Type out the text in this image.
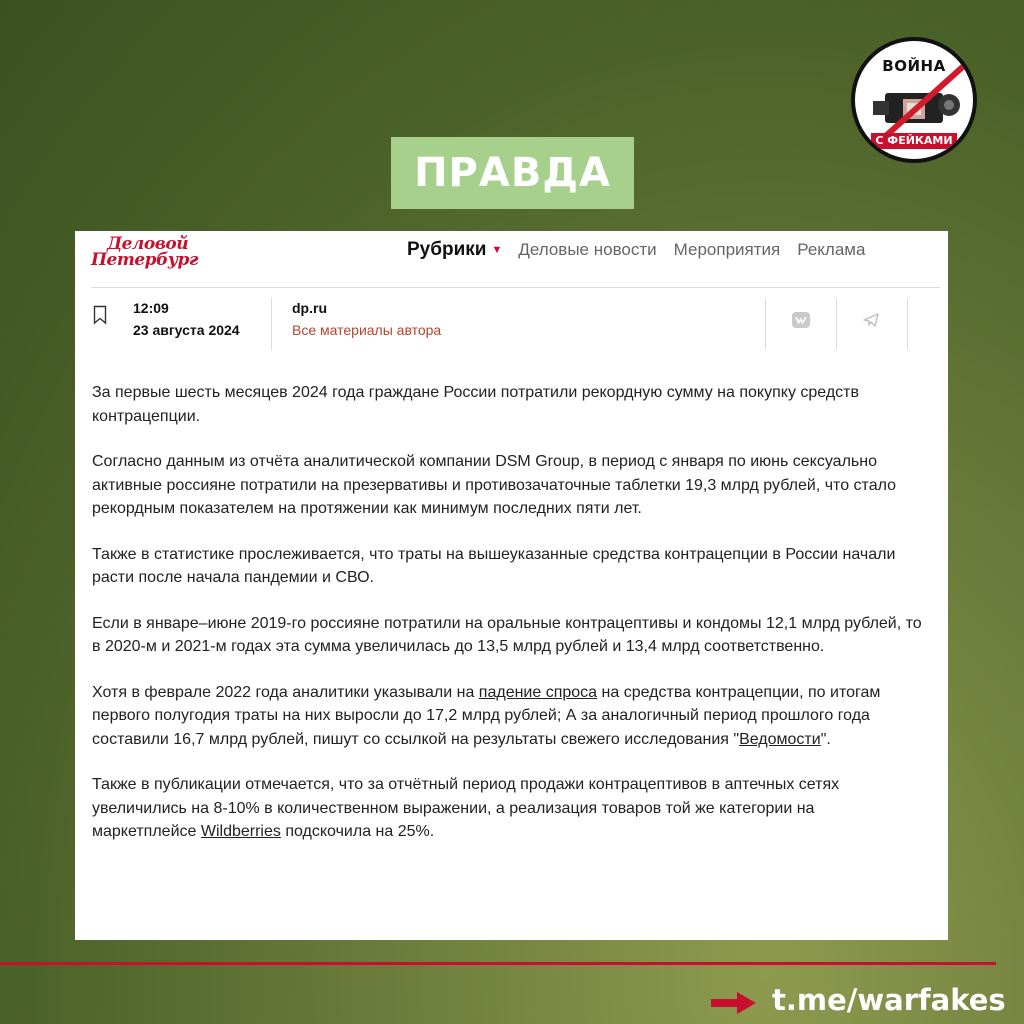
ВОЙНА
С ФЕЙКАМИ
ПРАВДА
Деловой
Петербург	Рубрики ▼ Деловые новости Мероприятия Реклама
12:09
23 августа 2024
dp.ru
Все материалы автора

За первые шесть месяцев 2024 года граждане России потратили рекордную сумму на покупку средств контрацепции.

Согласно данным из отчёта аналитической компании DSM Group, в период с января по июнь сексуально активные россияне потратили на презервативы и противозачаточные таблетки 19,3 млрд рублей, что стало рекордным показателем на протяжении как минимум последних пяти лет.

Также в статистике прослеживается, что траты на вышеуказанные средства контрацепции в России начали расти после начала пандемии и СВО.

Если в январе–июне 2019-го россияне потратили на оральные контрацептивы и кондомы 12,1 млрд рублей, то в 2020-м и 2021-м годах эта сумма увеличилась до 13,5 млрд рублей и 13,4 млрд соответственно.

Хотя в феврале 2022 года аналитики указывали на падение спроса на средства контрацепции, по итогам первого полугодия траты на них выросли до 17,2 млрд рублей; А за аналогичный период прошлого года составили 16,7 млрд рублей, пишут со ссылкой на результаты свежего исследования "Ведомости".

Также в публикации отмечается, что за отчётный период продажи контрацептивов в аптечных сетях увеличились на 8-10% в количественном выражении, а реализация товаров той же категории на маркетплейсе Wildberries подскочила на 25%.

t.me/warfakes
